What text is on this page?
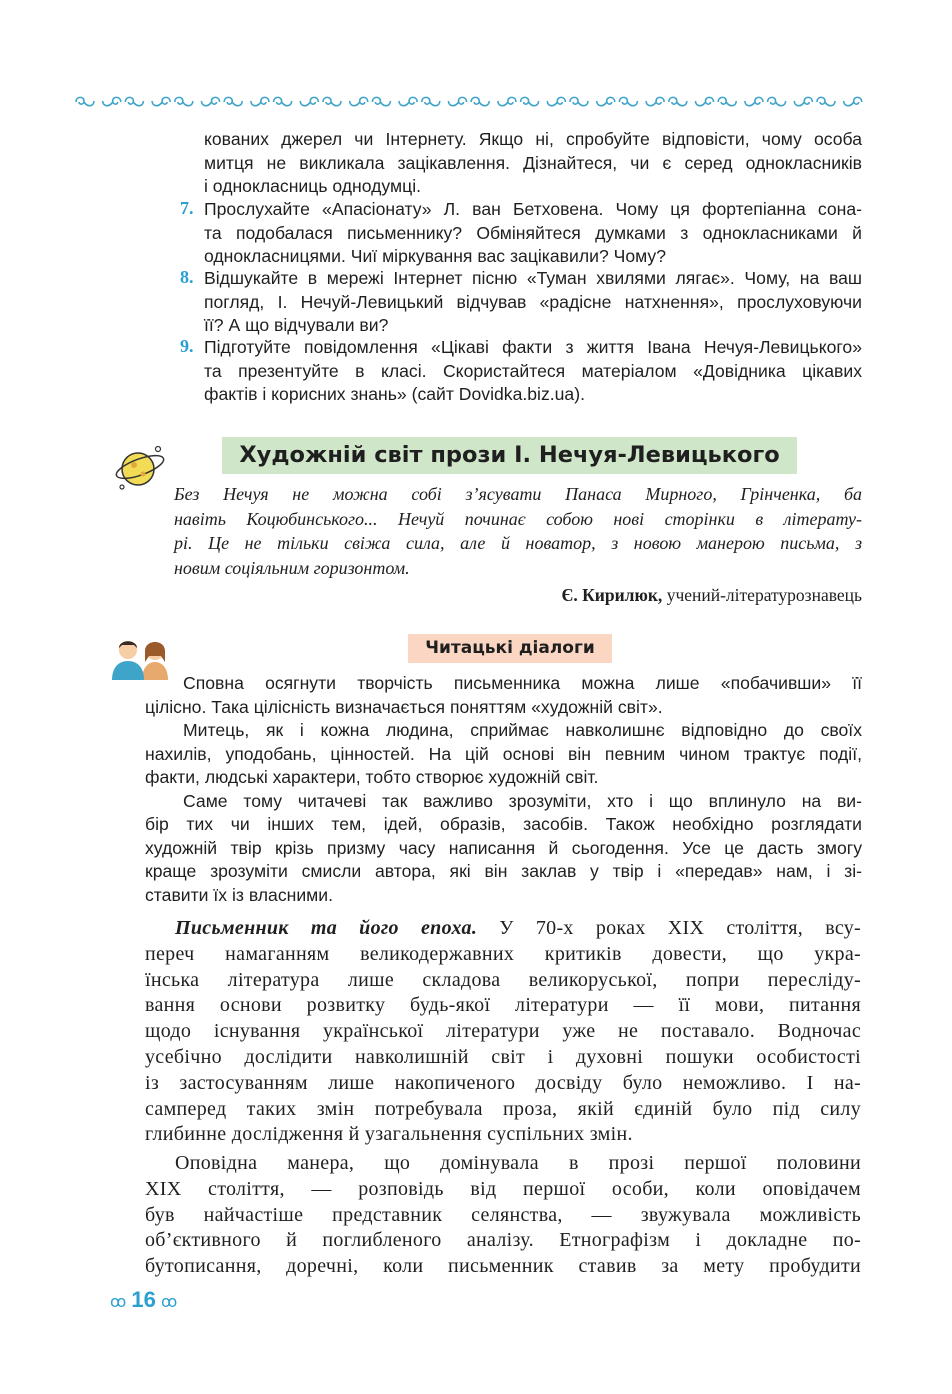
кованих джерел чи Інтернету. Якщо ні, спробуйте відповісти, чому особа
митця не викликала зацікавлення. Дізнайтеся, чи є серед однокласників
і однокласниць однодумці.
7. Прослухайте «Апасіонату» Л. ван Бетховена. Чому ця фортепіанна сона-
та подобалася письменнику? Обміняйтеся думками з однокласниками й
однокласницями. Чиї міркування вас зацікавили? Чому?
8. Відшукайте в мережі Інтернет пісню «Туман хвилями лягає». Чому, на ваш
погляд, І. Нечуй-Левицький відчував «радісне натхнення», прослуховуючи
її? А що відчували ви?
9. Підготуйте повідомлення «Цікаві факти з життя Івана Нечуя-Левицького»
та презентуйте в класі. Скористайтеся матеріалом «Довідника цікавих
фактів і корисних знань» (сайт Dovidka.biz.ua).
Художній світ прози І. Нечуя-Левицького
Без Нечуя не можна собі з’ясувати Панаса Мирного, Грінченка, ба
навіть Коцюбинського... Нечуй починає собою нові сторінки в літерату-
рі. Це не тільки свіжа сила, але й новатор, з новою манерою письма, з
новим соціяльним горизонтом.
Є. Кирилюк, учений-літературознавець
Читацькі діалоги
Сповна осягнути творчість письменника можна лише «побачивши» її
цілісно. Така цілісність визначається поняттям «художній світ».
Митець, як і кожна людина, сприймає навколишнє відповідно до своїх
нахилів, уподобань, цінностей. На цій основі він певним чином трактує події,
факти, людські характери, тобто створює художній світ.
Саме тому читачеві так важливо зрозуміти, хто і що вплинуло на ви-
бір тих чи інших тем, ідей, образів, засобів. Також необхідно розглядати
художній твір крізь призму часу написання й сьогодення. Усе це дасть змогу
краще зрозуміти смисли автора, які він заклав у твір і «передав» нам, і зі-
ставити їх із власними.
Письменник та його епоха. У 70-х роках XIX століття, всу-
переч намаганням великодержавних критиків довести, що укра-
їнська література лише складова великоруської, попри пересліду-
вання основи розвитку будь-якої літератури — її мови, питання
щодо існування української літератури уже не поставало. Водночас
усебічно дослідити навколишній світ і духовні пошуки особистості
із застосуванням лише накопиченого досвіду було неможливо. І на-
самперед таких змін потребувала проза, якій єдиній було під силу
глибинне дослідження й узагальнення суспільних змін.
Оповідна манера, що домінувала в прозі першої половини
XIX століття, — розповідь від першої особи, коли оповідачем
був найчастіше представник селянства, — звужувала можливість
об’єктивного й поглибленого аналізу. Етнографізм і докладне по-
бутописання, доречні, коли письменник ставив за мету пробудити
ꝏ 16 ꝏ
